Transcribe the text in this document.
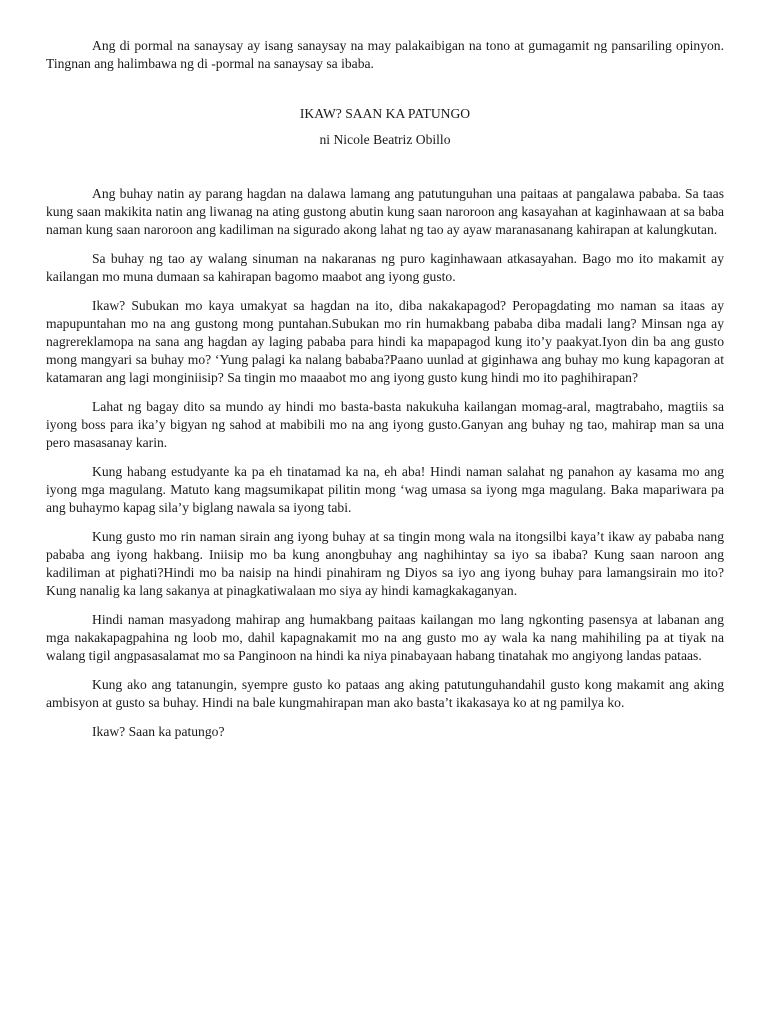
Ang di pormal na sanaysay ay isang sanaysay na may palakaibigan na tono at gumagamit ng pansariling opinyon. Tingnan ang halimbawa ng di -pormal na sanaysay sa ibaba.

IKAW? SAAN KA PATUNGO
ni Nicole Beatriz Obillo

Ang buhay natin ay parang hagdan na dalawa lamang ang patutunguhan una paitaas at pangalawa pababa. Sa taas kung saan makikita natin ang liwanag na ating gustong abutin kung saan naroroon ang kasayahan at kaginhawaan at sa baba naman kung saan naroroon ang kadiliman na sigurado akong lahat ng tao ay ayaw maranasanang kahirapan at kalungkutan.

Sa buhay ng tao ay walang sinuman na nakaranas ng puro kaginhawaan atkasayahan. Bago mo ito makamit ay kailangan mo muna dumaan sa kahirapan bagomo maabot ang iyong gusto.

Ikaw? Subukan mo kaya umakyat sa hagdan na ito, diba nakakapagod? Peropagdating mo naman sa itaas ay mapupuntahan mo na ang gustong mong puntahan.Subukan mo rin humakbang pababa diba madali lang? Minsan nga ay nagrereklamopa na sana ang hagdan ay laging pababa para hindi ka mapapagod kung ito’y paakyat.Iyon din ba ang gusto mong mangyari sa buhay mo? ‘Yung palagi ka nalang bababa?Paano uunlad at giginhawa ang buhay mo kung kapagoran at katamaran ang lagi monginiisip? Sa tingin mo maaabot mo ang iyong gusto kung hindi mo ito paghihirapan?

Lahat ng bagay dito sa mundo ay hindi mo basta-basta nakukuha kailangan momag-aral, magtrabaho, magtiis sa iyong boss para ika’y bigyan ng sahod at mabibili mo na ang iyong gusto.Ganyan ang buhay ng tao, mahirap man sa una pero masasanay karin.

Kung habang estudyante ka pa eh tinatamad ka na, eh aba! Hindi naman salahat ng panahon ay kasama mo ang iyong mga magulang. Matuto kang magsumikapat pilitin mong ‘wag umasa sa iyong mga magulang. Baka mapariwara pa ang buhaymo kapag sila’y biglang nawala sa iyong tabi.

Kung gusto mo rin naman sirain ang iyong buhay at sa tingin mong wala na itongsilbi kaya’t ikaw ay pababa nang pababa ang iyong hakbang. Iniisip mo ba kung anongbuhay ang naghihintay sa iyo sa ibaba? Kung saan naroon ang kadiliman at pighati?Hindi mo ba naisip na hindi pinahiram ng Diyos sa iyo ang iyong buhay para lamangsirain mo ito? Kung nanalig ka lang sakanya at pinagkatiwalaan mo siya ay hindi kamagkakaganyan.

Hindi naman masyadong mahirap ang humakbang paitaas kailangan mo lang ngkonting pasensya at labanan ang mga nakakapagpahina ng loob mo, dahil kapagnakamit mo na ang gusto mo ay wala ka nang mahihiling pa at tiyak na walang tigil angpasasalamat mo sa Panginoon na hindi ka niya pinabayaan habang tinatahak mo angiyong landas pataas.

Kung ako ang tatanungin, syempre gusto ko pataas ang aking patutunguhandahil gusto kong makamit ang aking ambisyon at gusto sa buhay. Hindi na bale kungmahirapan man ako basta’t ikakasaya ko at ng pamilya ko.

Ikaw? Saan ka patungo?
